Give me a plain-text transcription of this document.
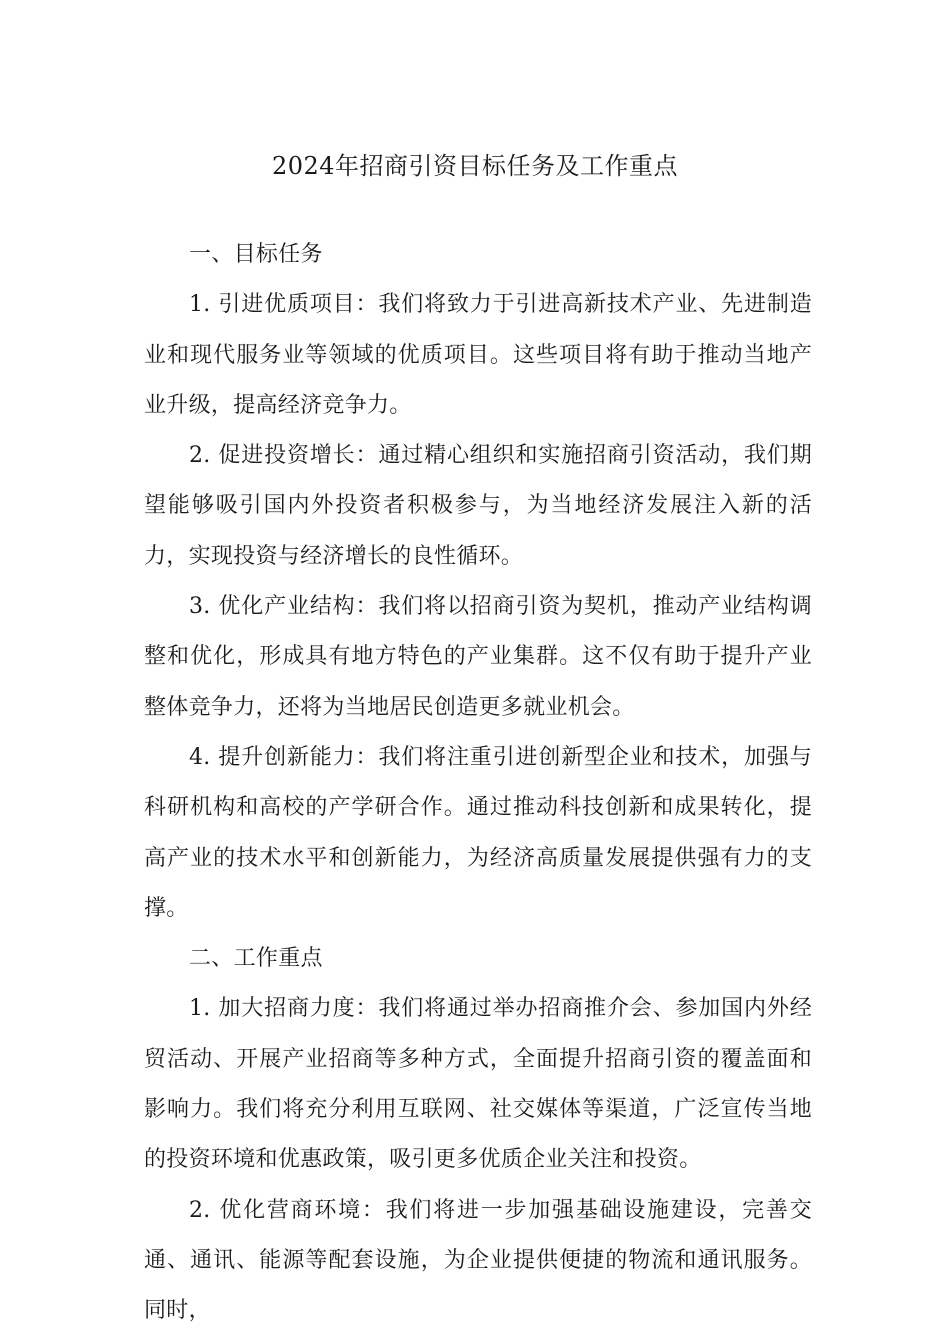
2024年招商引资目标任务及工作重点

一、目标任务

1. 引进优质项目：我们将致力于引进高新技术产业、先进制造业和现代服务业等领域的优质项目。这些项目将有助于推动当地产业升级，提高经济竞争力。

2. 促进投资增长：通过精心组织和实施招商引资活动，我们期望能够吸引国内外投资者积极参与，为当地经济发展注入新的活力，实现投资与经济增长的良性循环。

3. 优化产业结构：我们将以招商引资为契机，推动产业结构调整和优化，形成具有地方特色的产业集群。这不仅有助于提升产业整体竞争力，还将为当地居民创造更多就业机会。

4. 提升创新能力：我们将注重引进创新型企业和技术，加强与科研机构和高校的产学研合作。通过推动科技创新和成果转化，提高产业的技术水平和创新能力，为经济高质量发展提供强有力的支撑。

二、工作重点

1. 加大招商力度：我们将通过举办招商推介会、参加国内外经贸活动、开展产业招商等多种方式，全面提升招商引资的覆盖面和影响力。我们将充分利用互联网、社交媒体等渠道，广泛宣传当地的投资环境和优惠政策，吸引更多优质企业关注和投资。

2. 优化营商环境：我们将进一步加强基础设施建设，完善交通、通讯、能源等配套设施，为企业提供便捷的物流和通讯服务。同时，
